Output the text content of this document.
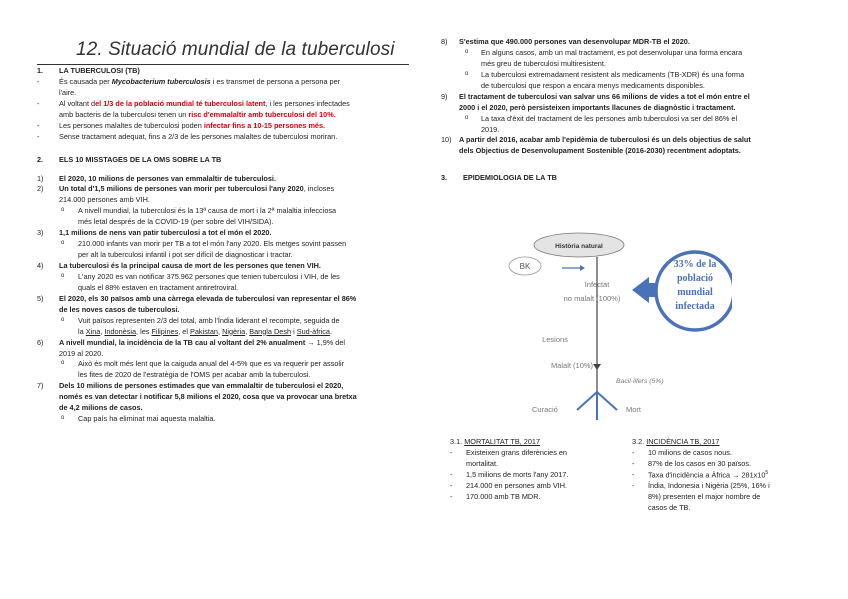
12. Situació mundial de la tuberculosi
1. LA TUBERCULOSI (TB)
-	És causada per Mycobacterium tuberculosis i es transmet de persona a persona per
l'aire.
-	Al voltant del 1/3 de la població mundial té tuberculosi latent, i les persones infectades
amb bacteris de la tuberculosi tenen un risc d'emmalaltir amb tuberculosi del 10%.
-	Les persones malaltes de tuberculosi poden infectar fins a 10-15 persones més.
-	Sense tractament adequat, fins a 2/3 de les persones malaltes de tuberculosi moriran.
2. ELS 10 MISSTAGES DE LA OMS SOBRE LA TB
1) El 2020, 10 milions de persones van emmalaltir de tuberculosi.
2) Un total d'1,5 milions de persones van morir per tuberculosi l'any 2020, incloses
214.000 persones amb VIH.
o A nivell mundial, la tuberculosi és la 13ª causa de mort i la 2ª malaltia infecciosa
més letal després de la COVID-19 (per sobre del VIH/SIDA).
3) 1,1 milions de nens van patir tuberculosi a tot el món el 2020.
o 210.000 infants van morir per TB a tot el món l'any 2020. Els metges sovint passen
per alt la tuberculosi infantil i pot ser difícil de diagnosticar i tractar.
4) La tuberculosi és la principal causa de mort de les persones que tenen VIH.
o L'any 2020 es van notificar 375.962 persones que tenien tuberculosi i VIH, de les
quals el 88% estaven en tractament antiretroviral.
5) El 2020, els 30 països amb una càrrega elevada de tuberculosi van representar el 86%
de les noves casos de tuberculosi.
o Vuit països representen 2/3 del total, amb l'Índia liderant el recompte, seguida de
la Xina, Indonèsia, les Filipines, el Pakistan, Nigèria, Bangla Desh i Sud-àfrica.
6) A nivell mundial, la incidència de la TB cau al voltant del 2% anualment → 1,9% del
2019 al 2020.
o Això és molt més lent que la caiguda anual del 4-5% que es va requerir per assolir
les fites de 2020 de l'estratègia de l'OMS per acabar amb la tuberculosi.
7) Dels 10 milions de persones estimades que van emmalaltir de tuberculosi el 2020,
només es van detectar i notificar 5,8 milions el 2020, cosa que va provocar una bretxa
de 4,2 milions de casos.
o Cap país ha eliminat mai aquesta malaltia.
8) S'estima que 490.000 persones van desenvolupar MDR-TB el 2020.
o En alguns casos, amb un mal tractament, es pot desenvolupar una forma encara
més greu de tuberculosi multiresistent.
o La tuberculosi extremadament resistent als medicaments (TB-XDR) és una forma
de tuberculosi que respon a encara menys medicaments disponibles.
9) El tractament de tuberculosi van salvar uns 66 milions de vides a tot el món entre el
2000 i el 2020, però persisteixen importants llacunes de diagnòstic i tractament.
o La taxa d'èxit del tractament de les persones amb tuberculosi va ser del 86% el
2019.
10) A partir del 2016, acabar amb l'epidèmia de tuberculosi és un dels objectius de salut
dels Objectius de Desenvolupament Sostenible (2016-2030) recentment adoptats.
3. EPIDEMIOLOGIA DE LA TB
Història natural
BK
Infectat
no malalt (100%)
Lesions
Malalt (10%)
Bacil·lifers (5%)
Curació	Mort
33% de la
població
mundial
infectada
3.1. MORTALITAT TB, 2017
- Existeixen grans diferències en
mortalitat.
- 1,5 milions de morts l'any 2017.
- 214.000 en persones amb VIH.
- 170.000 amb TB MDR.
3.2. INCIDÈNCIA TB, 2017
- 10 milions de casos nous.
- 87% de los casos en 30 països.
- Taxa d'incidència a Àfrica → $281x10^5$
- Índia, Indonesia i Nigèria (25%, 16% i
8%) presenten el major nombre de
casos de TB.
